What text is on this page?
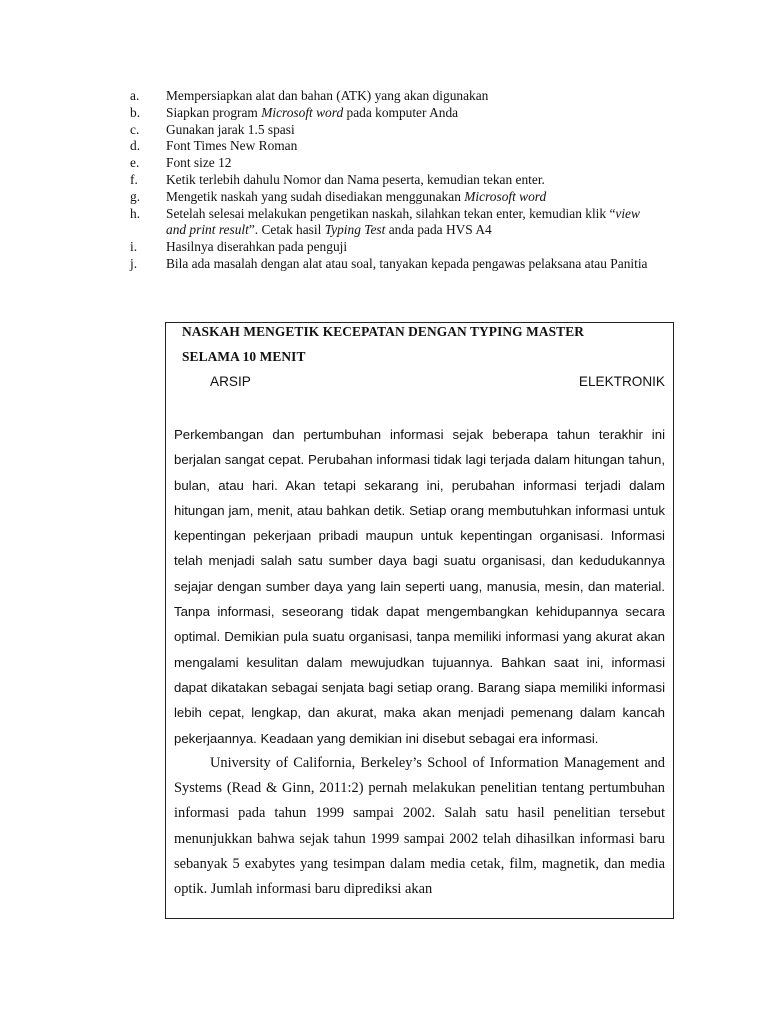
a.	Mempersiapkan alat dan bahan (ATK) yang akan digunakan
b.	Siapkan program Microsoft word pada komputer Anda
c.	Gunakan jarak 1.5 spasi
d.	Font Times New Roman
e.	Font size 12
f.	Ketik terlebih dahulu Nomor dan Nama peserta, kemudian tekan enter.
g.	Mengetik naskah yang sudah disediakan menggunakan Microsoft word
h.	Setelah selesai melakukan pengetikan naskah, silahkan tekan enter, kemudian klik “view and print result”. Cetak hasil Typing Test anda pada HVS A4
i.	Hasilnya diserahkan pada penguji
j.	Bila ada masalah dengan alat atau soal, tanyakan kepada pengawas pelaksana atau Panitia
NASKAH MENGETIK KECEPATAN DENGAN TYPING MASTER
SELAMA 10 MENIT
ARSIP	ELEKTRONIK

Perkembangan dan pertumbuhan informasi sejak beberapa tahun terakhir ini berjalan sangat cepat. Perubahan informasi tidak lagi terjada dalam hitungan tahun, bulan, atau hari. Akan tetapi sekarang ini, perubahan informasi terjadi dalam hitungan jam, menit, atau bahkan detik. Setiap orang membutuhkan informasi untuk kepentingan pekerjaan pribadi maupun untuk kepentingan organisasi. Informasi telah menjadi salah satu sumber daya bagi suatu organisasi, dan kedudukannya sejajar dengan sumber daya yang lain seperti uang, manusia, mesin, dan material. Tanpa informasi, seseorang tidak dapat mengembangkan kehidupannya secara optimal. Demikian pula suatu organisasi, tanpa memiliki informasi yang akurat akan mengalami kesulitan dalam mewujudkan tujuannya. Bahkan saat ini, informasi dapat dikatakan sebagai senjata bagi setiap orang. Barang siapa memiliki informasi lebih cepat, lengkap, dan akurat, maka akan menjadi pemenang dalam kancah pekerjaannya. Keadaan yang demikian ini disebut sebagai era informasi.

University of California, Berkeley’s School of Information Management and Systems (Read & Ginn, 2011:2) pernah melakukan penelitian tentang pertumbuhan informasi pada tahun 1999 sampai 2002. Salah satu hasil penelitian tersebut menunjukkan bahwa sejak tahun 1999 sampai 2002 telah dihasilkan informasi baru sebanyak 5 exabytes yang tesimpan dalam media cetak, film, magnetik, dan media optik. Jumlah informasi baru diprediksi akan
